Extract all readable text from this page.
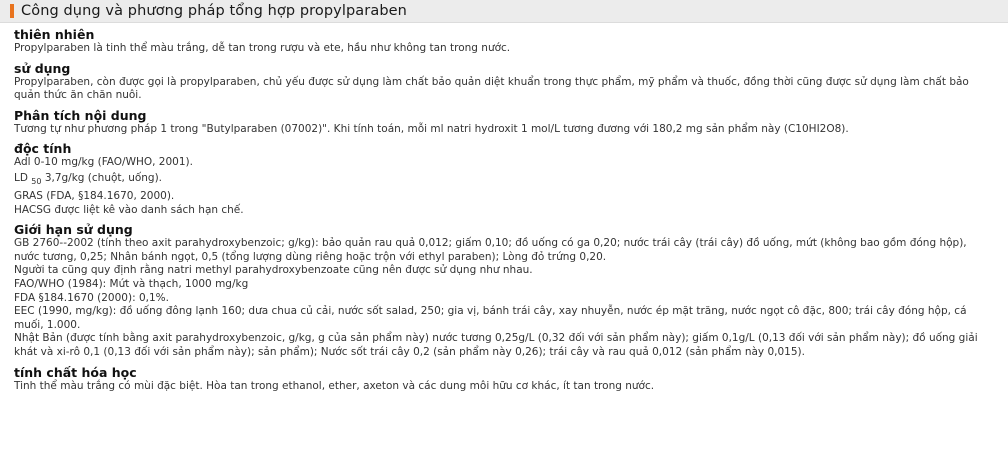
Công dụng và phương pháp tổng hợp propylparaben
thiên nhiên

Propylparaben là tinh thể màu trắng, dễ tan trong rượu và ete, hầu như không tan trong nước.

sử dụng

Propylparaben, còn được gọi là propylparaben, chủ yếu được sử dụng làm chất bảo quản diệt khuẩn trong thực phẩm, mỹ phẩm và thuốc, đồng thời cũng được sử dụng làm chất bảo quản thức ăn chăn nuôi.

Phân tích nội dung

Tương tự như phương pháp 1 trong "Butylparaben (07002)". Khi tính toán, mỗi ml natri hydroxit 1 mol/L tương đương với 180,2 mg sản phẩm này (C10HI2O8).

độc tính

Adl 0-10 mg/kg (FAO/WHO, 2001).

LD $_{50}$ 3,7g/kg (chuột, uống).

GRAS (FDA, §184.1670, 2000).

HACSG được liệt kê vào danh sách hạn chế.

Giới hạn sử dụng

GB 2760--2002 (tính theo axit parahydroxybenzoic; g/kg): bảo quản rau quả 0,012; giấm 0,10; đồ uống có ga 0,20; nước trái cây (trái cây) đồ uống, mứt (không bao gồm đóng hộp), nước tương, 0,25; Nhân bánh ngọt, 0,5 (tổng lượng dùng riêng hoặc trộn với ethyl paraben); Lòng đỏ trứng 0,20.

Người ta cũng quy định rằng natri methyl parahydroxybenzoate cũng nên được sử dụng như nhau.

FAO/WHO (1984): Mứt và thạch, 1000 mg/kg

FDA §184.1670 (2000): 0,1%.

EEC (1990, mg/kg): đồ uống đông lạnh 160; dưa chua củ cải, nước sốt salad, 250; gia vị, bánh trái cây, xay nhuyễn, nước ép mặt trăng, nước ngọt cô đặc, 800; trái cây đóng hộp, cá muối, 1.000.

Nhật Bản (được tính bằng axit parahydroxybenzoic, g/kg, g của sản phẩm này) nước tương 0,25g/L (0,32 đối với sản phẩm này); giấm 0,1g/L (0,13 đối với sản phẩm này); đồ uống giải khát và xi-rô 0,1 (0,13 đối với sản phẩm này); sản phẩm); Nước sốt trái cây 0,2 (sản phẩm này 0,26); trái cây và rau quả 0,012 (sản phẩm này 0,015).

tính chất hóa học

Tinh thể màu trắng có mùi đặc biệt. Hòa tan trong ethanol, ether, axeton và các dung môi hữu cơ khác, ít tan trong nước.
